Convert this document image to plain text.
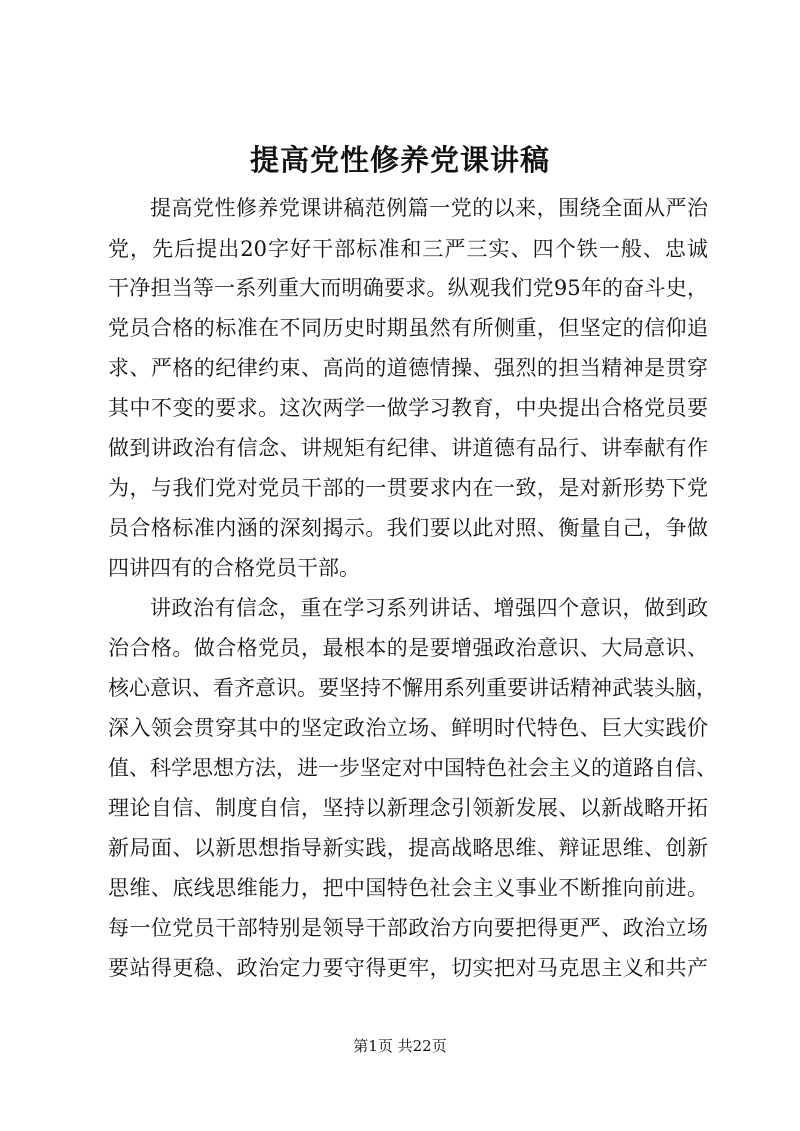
提高党性修养党课讲稿
提高党性修养党课讲稿范例篇一党的以来，围绕全面从严治
党，先后提出20字好干部标准和三严三实、四个铁一般、忠诚
干净担当等一系列重大而明确要求。纵观我们党95年的奋斗史，
党员合格的标准在不同历史时期虽然有所侧重，但坚定的信仰追
求、严格的纪律约束、高尚的道德情操、强烈的担当精神是贯穿
其中不变的要求。这次两学一做学习教育，中央提出合格党员要
做到讲政治有信念、讲规矩有纪律、讲道德有品行、讲奉献有作
为，与我们党对党员干部的一贯要求内在一致，是对新形势下党
员合格标准内涵的深刻揭示。我们要以此对照、衡量自己，争做
四讲四有的合格党员干部。
讲政治有信念，重在学习系列讲话、增强四个意识，做到政
治合格。做合格党员，最根本的是要增强政治意识、大局意识、
核心意识、看齐意识。要坚持不懈用系列重要讲话精神武装头脑，
深入领会贯穿其中的坚定政治立场、鲜明时代特色、巨大实践价
值、科学思想方法，进一步坚定对中国特色社会主义的道路自信、
理论自信、制度自信，坚持以新理念引领新发展、以新战略开拓
新局面、以新思想指导新实践，提高战略思维、辩证思维、创新
思维、底线思维能力，把中国特色社会主义事业不断推向前进。
每一位党员干部特别是领导干部政治方向要把得更严、政治立场
要站得更稳、政治定力要守得更牢，切实把对马克思主义和共产
第1页 共22页
